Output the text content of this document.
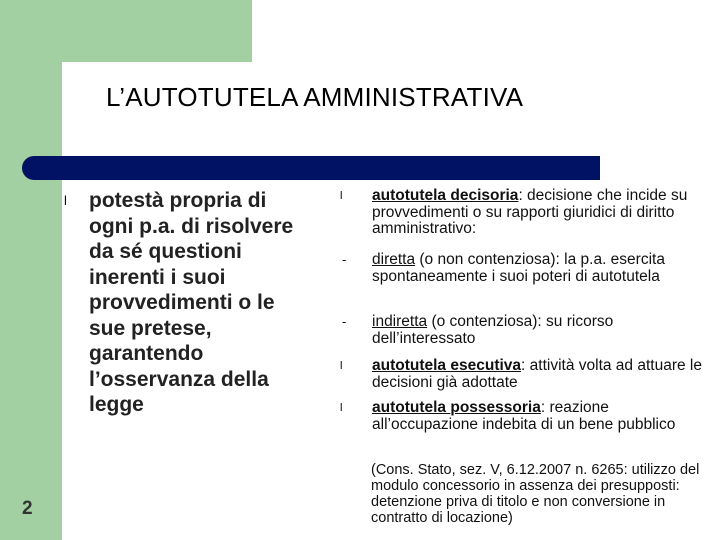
L’AUTOTUTELA AMMINISTRATIVA
l potestà propria di ogni p.a. di risolvere da sé questioni inerenti i suoi provvedimenti o le sue pretese, garantendo l’osservanza della legge
l autotutela decisoria: decisione che incide su provvedimenti o su rapporti giuridici di diritto amministrativo:
- diretta (o non contenziosa): la p.a. esercita spontaneamente i suoi poteri di autotutela
- indiretta (o contenziosa): su ricorso dell’interessato
l autotutela esecutiva: attività volta ad attuare le decisioni già adottate
l autotutela possessoria: reazione all’occupazione indebita di un bene pubblico
(Cons. Stato, sez. V, 6.12.2007 n. 6265: utilizzo del modulo concessorio in assenza dei presupposti: detenzione priva di titolo e non conversione in contratto di locazione)
2
